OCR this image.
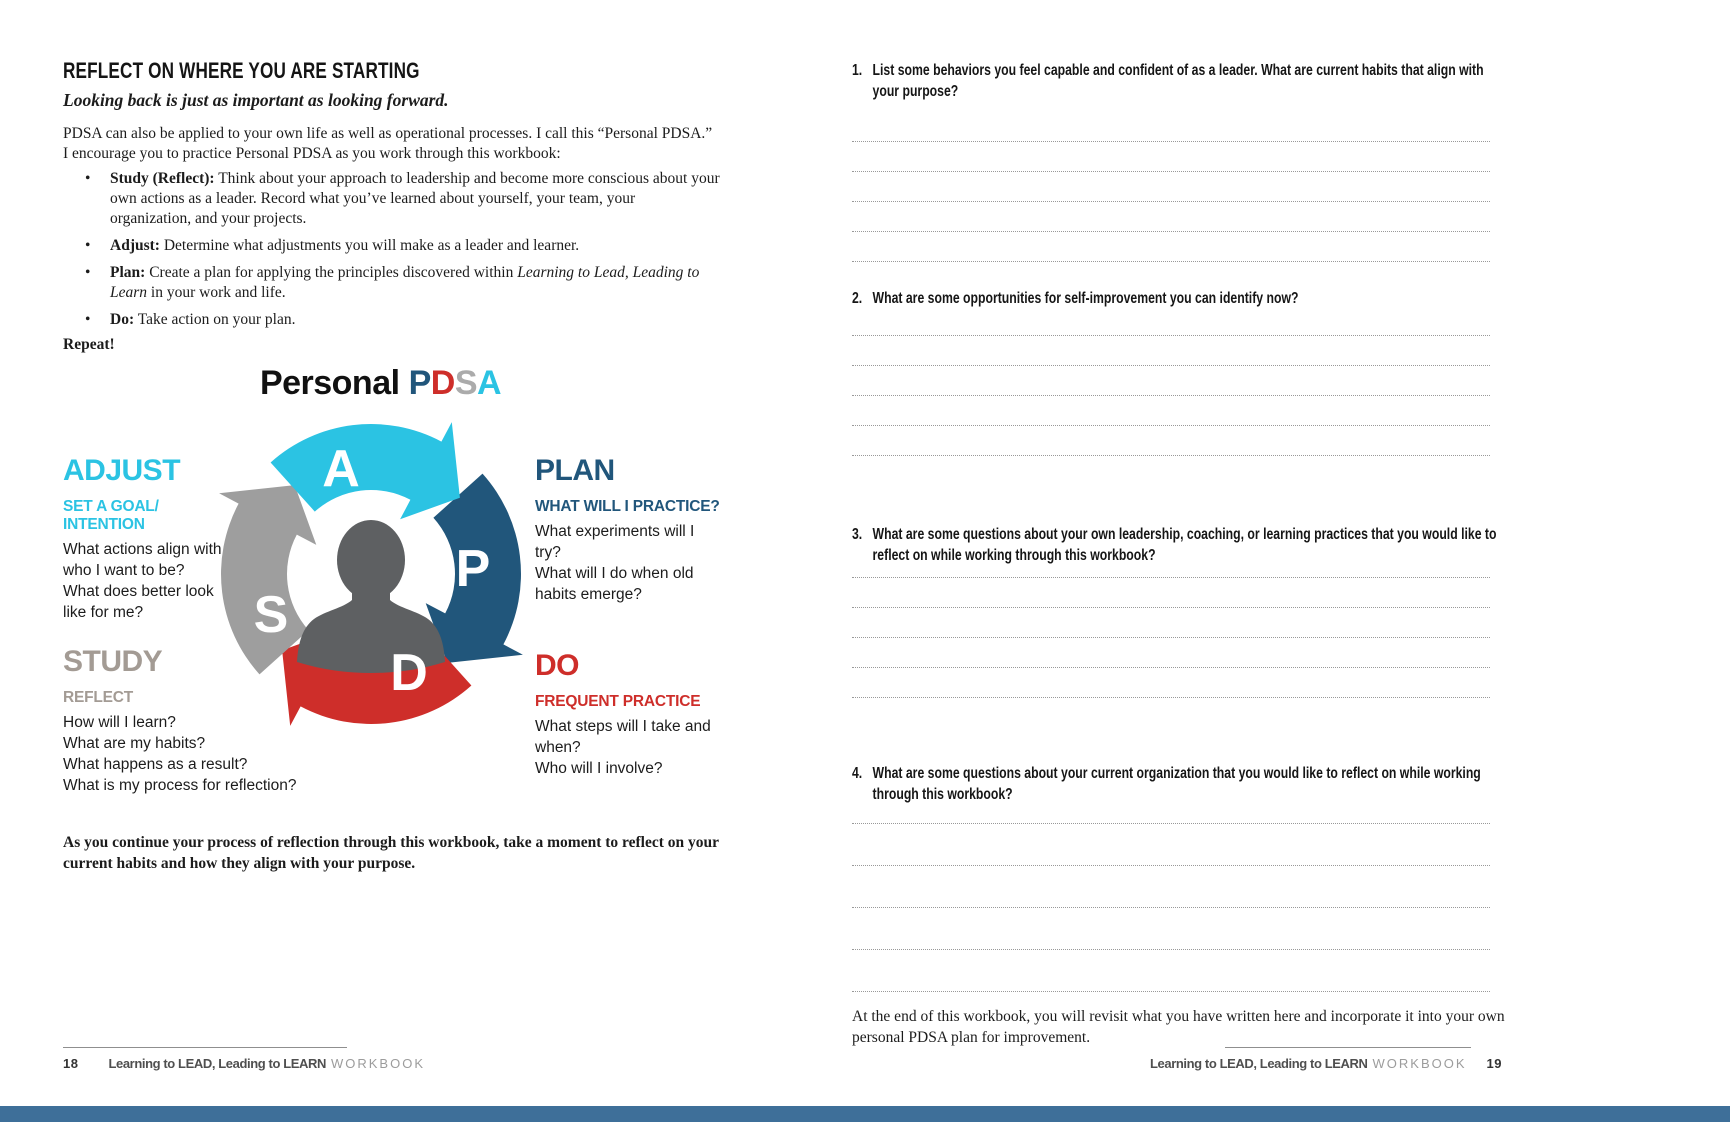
REFLECT ON WHERE YOU ARE STARTING
Looking back is just as important as looking forward.

PDSA can also be applied to your own life as well as operational processes. I call this “Personal PDSA.” I encourage you to practice Personal PDSA as you work through this workbook:

• Study (Reflect): Think about your approach to leadership and become more conscious about your own actions as a leader. Record what you’ve learned about yourself, your team, your organization, and your projects.
• Adjust: Determine what adjustments you will make as a leader and learner.
• Plan: Create a plan for applying the principles discovered within Learning to Lead, Leading to Learn in your work and life.
• Do: Take action on your plan.
Repeat!
Personal PDSA
A
P
S
D
ADJUST
SET A GOAL/ INTENTION
What actions align with who I want to be?
What does better look like for me?
PLAN
WHAT WILL I PRACTICE?
What experiments will I try?
What will I do when old habits emerge?
STUDY
REFLECT
How will I learn?
What are my habits?
What happens as a result?
What is my process for reflection?
DO
FREQUENT PRACTICE
What steps will I take and when?
Who will I involve?

As you continue your process of reflection through this workbook, take a moment to reflect on your current habits and how they align with your purpose.

18 Learning to LEAD, Leading to LEARN WORKBOOK
1. List some behaviors you feel capable and confident of as a leader. What are current habits that align with your purpose?
2. What are some opportunities for self-improvement you can identify now?
3. What are some questions about your own leadership, coaching, or learning practices that you would like to reflect on while working through this workbook?
4. What are some questions about your current organization that you would like to reflect on while working through this workbook?

At the end of this workbook, you will revisit what you have written here and incorporate it into your own personal PDSA plan for improvement.

Learning to LEAD, Leading to LEARN WORKBOOK 19
